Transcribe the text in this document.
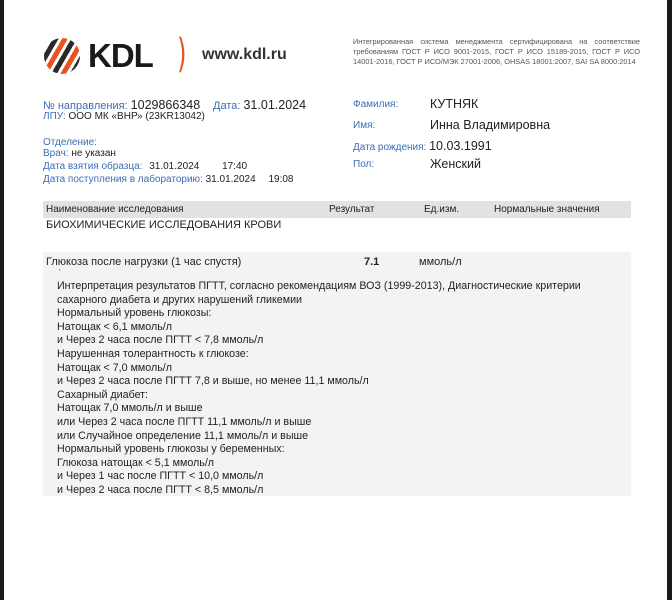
KDL ) www.kdl.ru
Интегрированная система менеджмента сертифицирована на соответствие требованиям ГОСТ Р ИСО 9001-2015, ГОСТ Р ИСО 15189-2015, ГОСТ Р ИСО 14001-2016, ГОСТ Р ИСО/МЭК 27001-2006, OHSAS 18001:2007, SAI SA 8000:2014
№ направления: 1029866348 Дата: 31.01.2024
ЛПУ: ООО МК «ВНР» (23KR13042)
Отделение:
Врач: не указан
Дата взятия образца: 31.01.2024 17:40
Дата поступления в лабораторию: 31.01.2024 19:08
Фамилия:	КУТНЯК
Имя:	Инна Владимировна
Дата рождения: 10.03.1991
Пол:	Женский
Наименование исследования	Результат	Ед.изм.	Нормальные значения
БИОХИМИЧЕСКИЕ ИССЛЕДОВАНИЯ КРОВИ
Глюкоза после нагрузки (1 час спустя)	7.1	ммоль/л
'
Интерпретация результатов ПГТТ, согласно рекомендациям ВОЗ (1999-2013), Диагностические критерии сахарного диабета и других нарушений гликемии
Нормальный уровень глюкозы:
Натощак < 6,1 ммоль/л
и Через 2 часа после ПГТТ < 7,8 ммоль/л
Нарушенная толерантность к глюкозе:
Натощак < 7,0 ммоль/л
и Через 2 часа после ПГТТ 7,8 и выше, но менее 11,1 ммоль/л
Сахарный диабет:
Натощак 7,0 ммоль/л и выше
или Через 2 часа после ПГТТ 11,1 ммоль/л и выше
или Случайное определение 11,1 ммоль/л и выше
Нормальный уровень глюкозы у беременных:
Глюкоза натощак < 5,1 ммоль/л
и Через 1 час после ПГТТ < 10,0 ммоль/л
и Через 2 часа после ПГТТ < 8,5 ммоль/л
